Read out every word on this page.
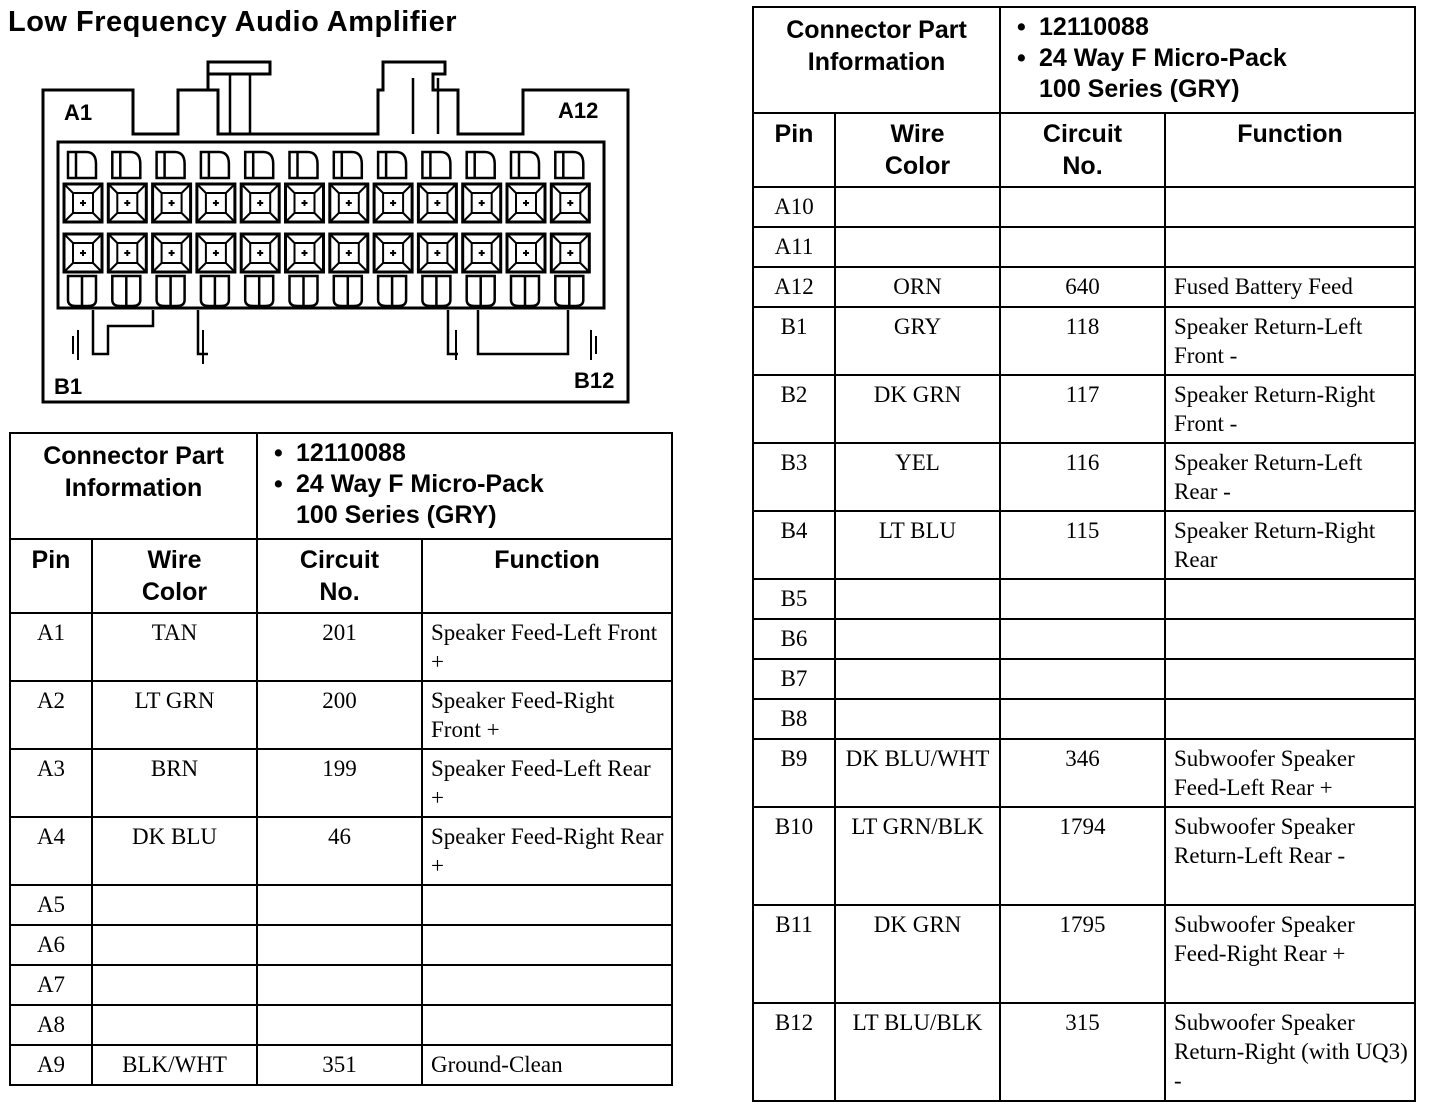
Low Frequency Audio Amplifier
A1	A12
B1	B12
Connector Part Information		• 12110088
• 24 Way F Micro-Pack
100 Series (GRY)	

Pin	Wire Color	Circuit No.	Function
A1	TAN	201	Speaker Feed-Left Front +
A2	LT GRN	200	Speaker Feed-Right Front +
A3	BRN	199	Speaker Feed-Left Rear +
A4	DK BLU	46	Speaker Feed-Right Rear +
A5			
A6			
A7			
A8			
A9	BLK/WHT	351	Ground-Clean
Connector Part Information		• 12110088
• 24 Way F Micro-Pack
100 Series (GRY)	

Pin	Wire Color	Circuit No.	Function
A10			
A11			
A12	ORN	640	Fused Battery Feed
B1	GRY	118	Speaker Return-Left Front -
B2	DK GRN	117	Speaker Return-Right Front -
B3	YEL	116	Speaker Return-Left Rear -
B4	LT BLU	115	Speaker Return-Right Rear
B5			
B6			
B7			
B8			
B9	DK BLU/WHT	346	Subwoofer Speaker Feed-Left Rear +
B10	LT GRN/BLK	1794	Subwoofer Speaker Return-Left Rear -
B11	DK GRN	1795	Subwoofer Speaker Feed-Right Rear +
B12	LT BLU/BLK	315	Subwoofer Speaker Return-Right (with UQ3) -
